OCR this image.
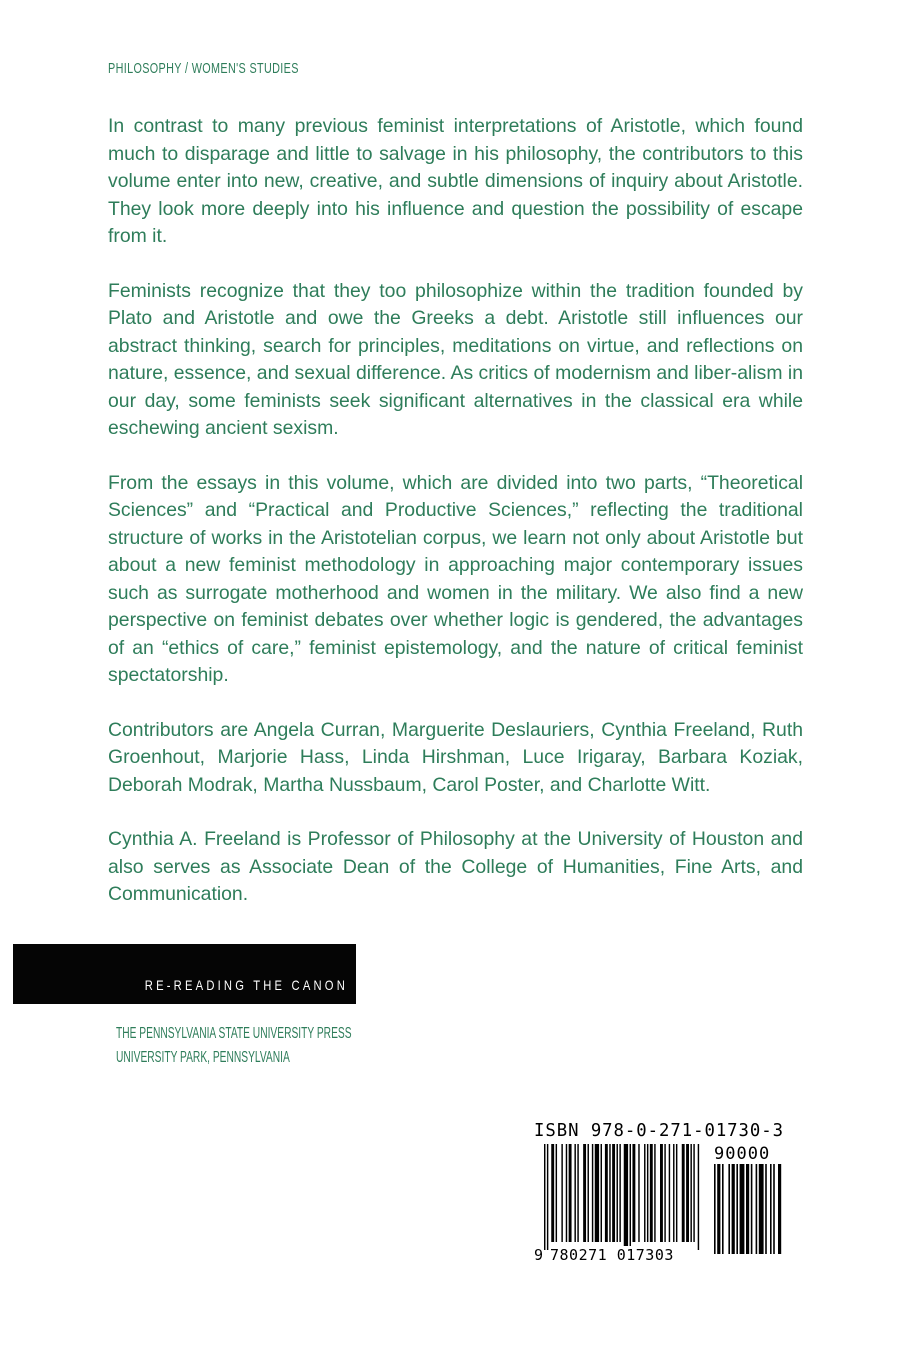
PHILOSOPHY / WOMEN'S STUDIES

In contrast to many previous feminist interpretations of Aristotle, which found much to disparage and little to salvage in his philosophy, the contributors to this volume enter into new, creative, and subtle dimensions of inquiry about Aristotle. They look more deeply into his influence and question the possibility of escape from it.

Feminists recognize that they too philosophize within the tradition founded by Plato and Aristotle and owe the Greeks a debt. Aristotle still influences our abstract thinking, search for principles, meditations on virtue, and reflections on nature, essence, and sexual difference. As critics of modernism and liber-alism in our day, some feminists seek significant alternatives in the classical era while eschewing ancient sexism.

From the essays in this volume, which are divided into two parts, “Theoretical Sciences” and “Practical and Productive Sciences,” reflecting the traditional structure of works in the Aristotelian corpus, we learn not only about Aristotle but about a new feminist methodology in approaching major contemporary issues such as surrogate motherhood and women in the military. We also find a new perspective on feminist debates over whether logic is gendered, the advantages of an “ethics of care,” feminist epistemology, and the nature of critical feminist spectatorship.

Contributors are Angela Curran, Marguerite Deslauriers, Cynthia Freeland, Ruth Groenhout, Marjorie Hass, Linda Hirshman, Luce Irigaray, Barbara Koziak, Deborah Modrak, Martha Nussbaum, Carol Poster, and Charlotte Witt.

Cynthia A. Freeland is Professor of Philosophy at the University of Houston and also serves as Associate Dean of the College of Humanities, Fine Arts, and Communication.

RE-READING THE CANON
THE PENNSYLVANIA STATE UNIVERSITY PRESS
UNIVERSITY PARK, PENNSYLVANIA
ISBN 978-0-271-01730-3
90000

9

780271 017303
